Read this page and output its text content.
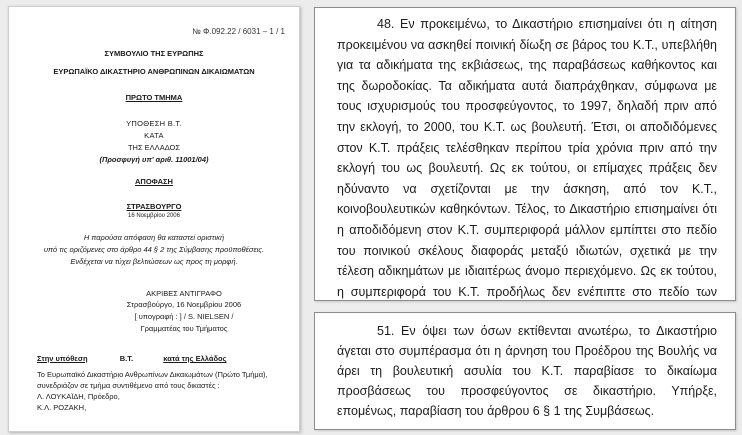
№ Φ.092.22 / 6031 – 1 / 1
ΣΥΜΒΟΥΛΙΟ ΤΗΣ ΕΥΡΩΠΗΣ
ΕΥΡΩΠΑΪΚΟ ΔΙΚΑΣΤΗΡΙΟ ΑΝΘΡΩΠΙΝΩΝ ΔΙΚΑΙΩΜΑΤΩΝ
ΠΡΩΤΟ ΤΜΗΜΑ
ΥΠΟΘΕΣΗ Β.Τ.
ΚΑΤΑ
ΤΗΣ ΕΛΛΑΔΟΣ
(Προσφυγή υπ' αριθ. 11001/04)
ΑΠΟΦΑΣΗ
ΣΤΡΑΣΒΟΥΡΓΟ
16 Νοεμβρίου 2006
Η παρούσα απόφαση θα καταστεί οριστική
υπό τις οριζόμενες στο άρθρο 44 § 2 της Σύμβασης προϋποθέσεις.
Ενδέχεται να τύχει βελτιώσεων ως προς τη μορφή.
ΑΚΡΙΒΕΣ ΑΝΤΙΓΡΑΦΟ
Στρασβούργο, 16 Νοεμβρίου 2006
[ υπογραφή : ] / S. NIELSEN /
Γραμματέας του Τμήματος
Στην υπόθεση	Β.Τ.	κατά της Ελλάδος
Το Ευρωπαϊκό Δικαστήριο Ανθρωπίνων Δικαιωμάτων (Πρώτο Τμήμα),
συνεδριάζον σε τμήμα συντιθέμενο από τους δικαστές :
Λ. ΛΟΥΚΑΪΔΗ, Πρόεδρο,
Κ.Λ. ΡΟΖΑΚΗ,

48. Εν προκειμένω, το Δικαστήριο επισημαίνει ότι η αίτηση προκειμένου να ασκηθεί ποινική δίωξη σε βάρος του Κ.Τ., υπεβλήθη για τα αδικήματα της εκβιάσεως, της παραβάσεως καθήκοντος και της δωροδοκίας. Τα αδικήματα αυτά διαπράχθηκαν, σύμφωνα με τους ισχυρισμούς του προσφεύγοντος, το 1997, δηλαδή πριν από την εκλογή, το 2000, του Κ.Τ. ως βουλευτή. Έτσι, οι αποδιδόμενες στον Κ.Τ. πράξεις τελέσθηκαν περίπου τρία χρόνια πριν από την εκλογή του ως βουλευτή. Ως εκ τούτου, οι επίμαχες πράξεις δεν ηδύναντο να σχετίζονται με την άσκηση, από τον Κ.Τ., κοινοβουλευτικών καθηκόντων. Τέλος, το Δικαστήριο επισημαίνει ότι η αποδιδόμενη στον Κ.Τ. συμπεριφορά μάλλον εμπίπτει στο πεδίο του ποινικού σκέλους διαφοράς μεταξύ ιδιωτών, σχετικά με την τέλεση αδικημάτων με ιδιαιτέρως άνομο περιεχόμενο. Ως εκ τούτου, η συμπεριφορά του Κ.Τ. προδήλως δεν ενέπιπτε στο πεδίο των

51. Εν όψει των όσων εκτίθενται ανωτέρω, το Δικαστήριο άγεται στο συμπέρασμα ότι η άρνηση του Προέδρου της Βουλής να άρει τη βουλευτική ασυλία του Κ.Τ. παραβίασε το δικαίωμα προσβάσεως του προσφεύγοντος σε δικαστήριο. Υπήρξε, επομένως, παραβίαση του άρθρου 6 § 1 της Συμβάσεως.
